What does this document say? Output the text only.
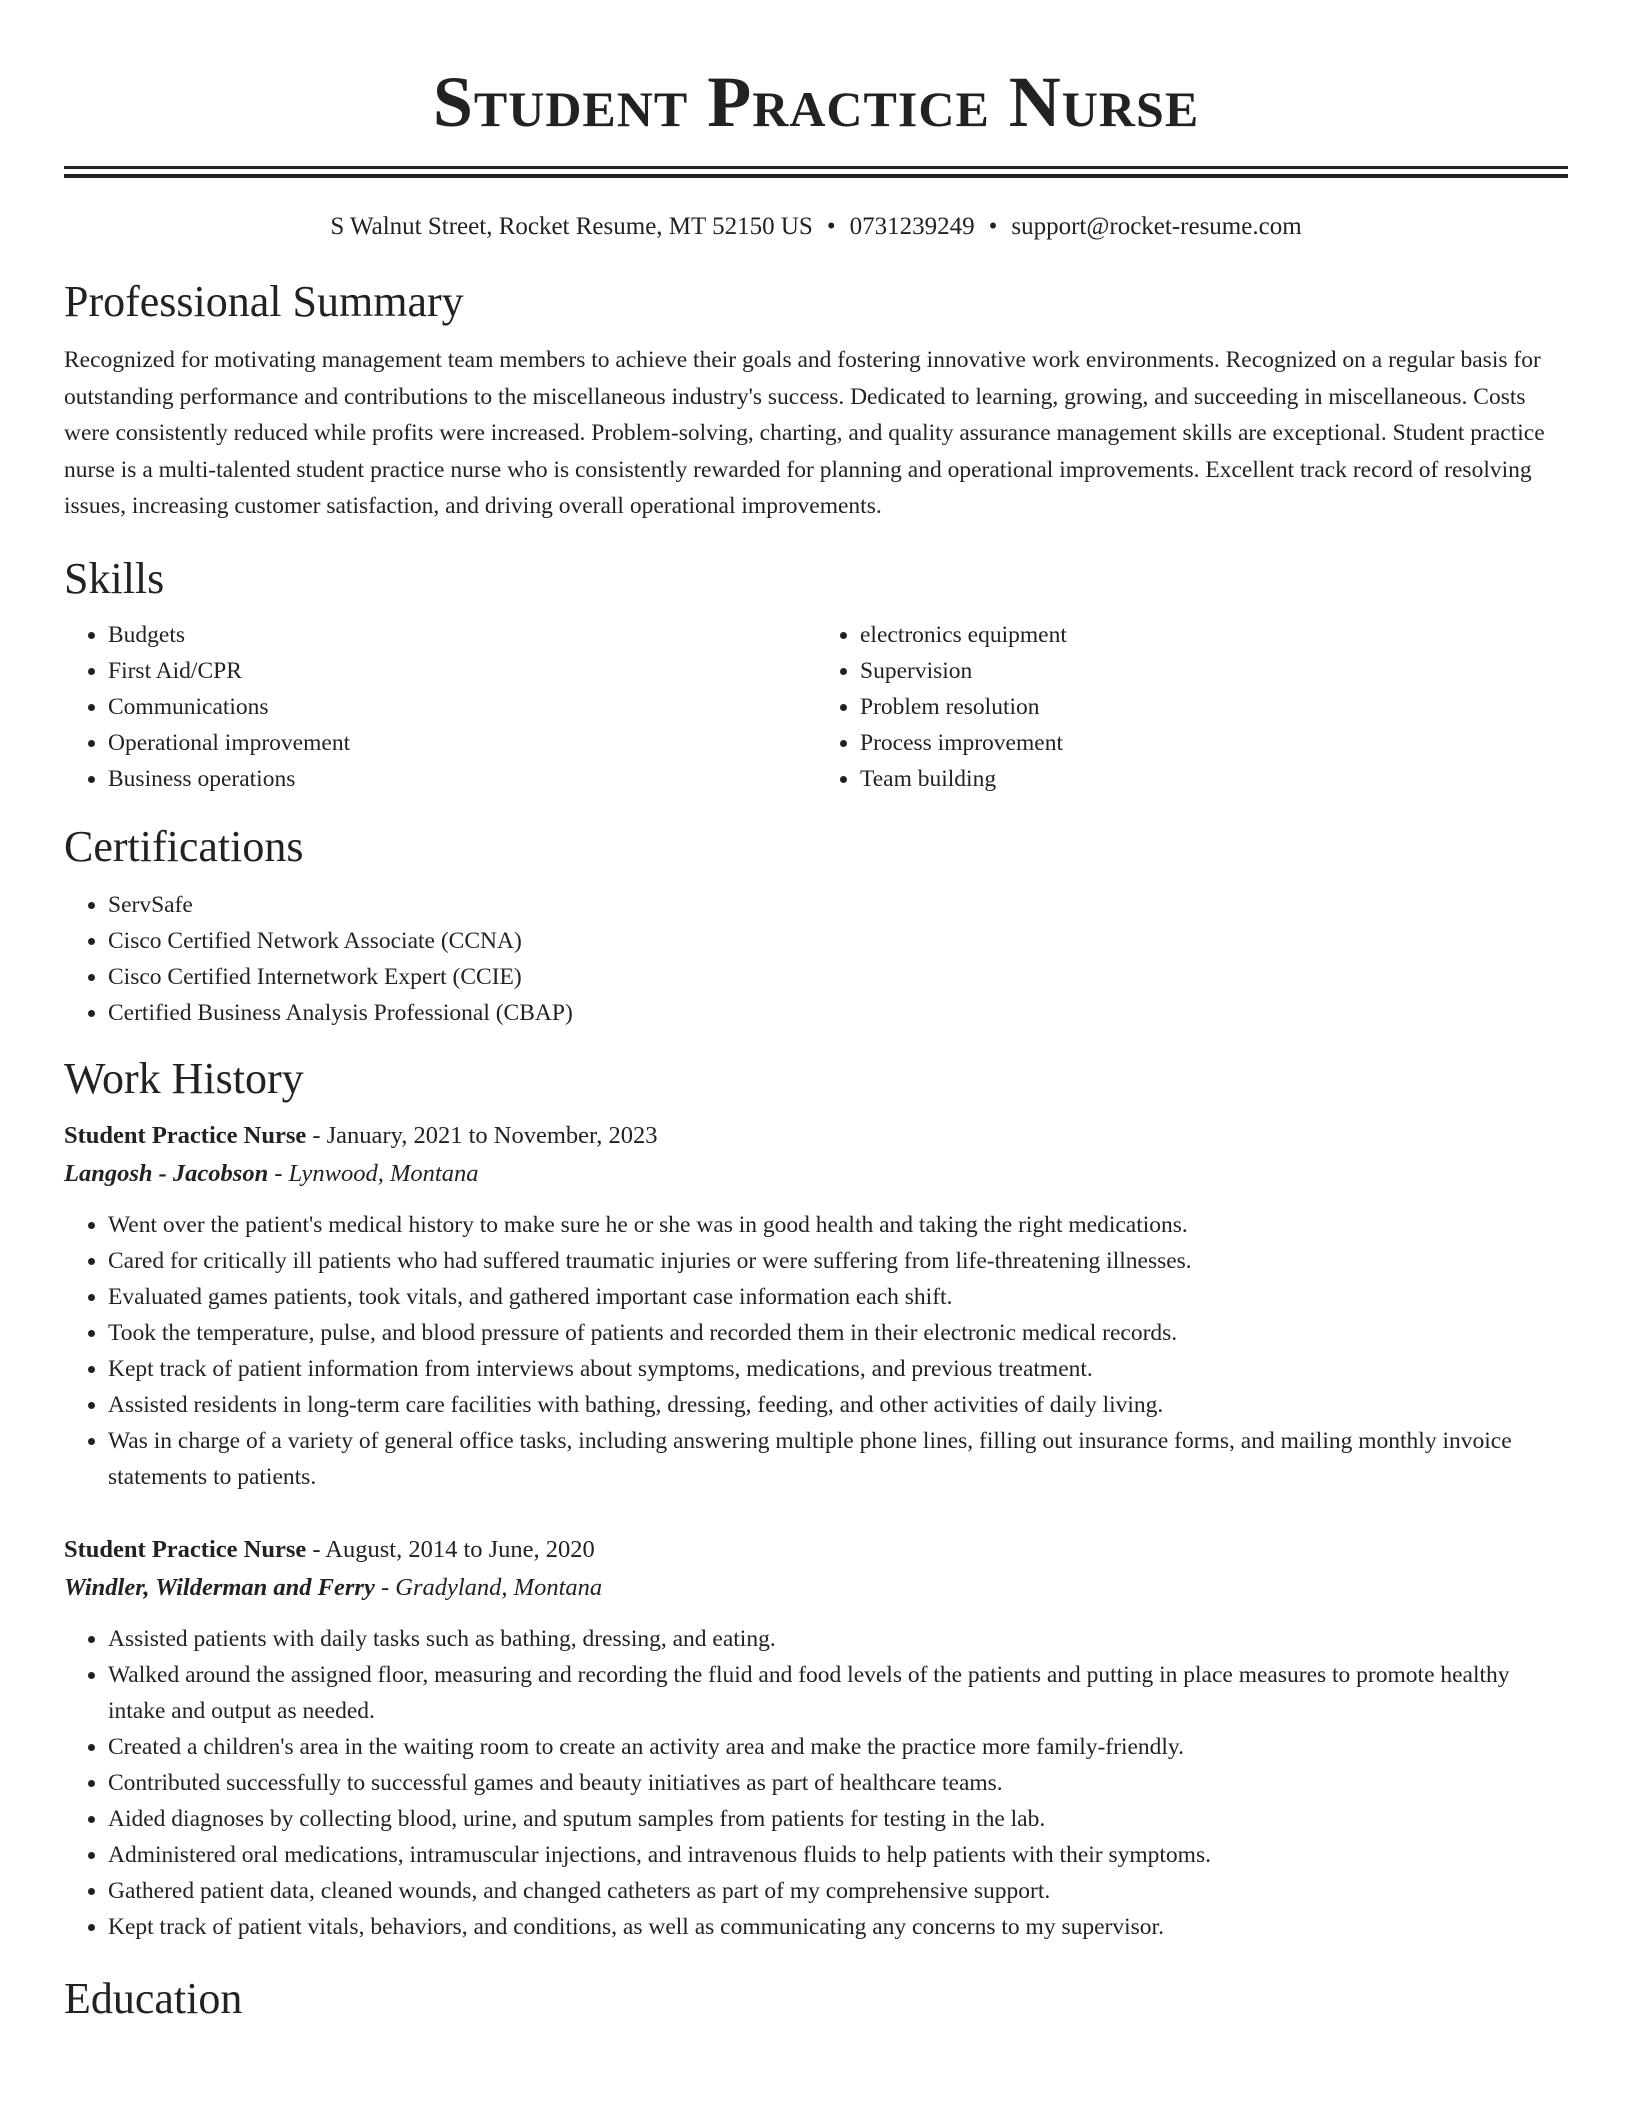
Student Practice Nurse
S Walnut Street, Rocket Resume, MT 52150 US • 0731239249 • support@rocket-resume.com
Professional Summary
Recognized for motivating management team members to achieve their goals and fostering innovative work environments. Recognized on a regular basis for outstanding performance and contributions to the miscellaneous industry's success. Dedicated to learning, growing, and succeeding in miscellaneous. Costs were consistently reduced while profits were increased. Problem-solving, charting, and quality assurance management skills are exceptional. Student practice nurse is a multi-talented student practice nurse who is consistently rewarded for planning and operational improvements. Excellent track record of resolving issues, increasing customer satisfaction, and driving overall operational improvements.
Skills
• Budgets
• First Aid/CPR
• Communications
• Operational improvement
• Business operations
• electronics equipment
• Supervision
• Problem resolution
• Process improvement
• Team building
Certifications
• ServSafe
• Cisco Certified Network Associate (CCNA)
• Cisco Certified Internetwork Expert (CCIE)
• Certified Business Analysis Professional (CBAP)
Work History
Student Practice Nurse - January, 2021 to November, 2023
Langosh - Jacobson - Lynwood, Montana
• Went over the patient's medical history to make sure he or she was in good health and taking the right medications.
• Cared for critically ill patients who had suffered traumatic injuries or were suffering from life-threatening illnesses.
• Evaluated games patients, took vitals, and gathered important case information each shift.
• Took the temperature, pulse, and blood pressure of patients and recorded them in their electronic medical records.
• Kept track of patient information from interviews about symptoms, medications, and previous treatment.
• Assisted residents in long-term care facilities with bathing, dressing, feeding, and other activities of daily living.
• Was in charge of a variety of general office tasks, including answering multiple phone lines, filling out insurance forms, and mailing monthly invoice statements to patients.
Student Practice Nurse - August, 2014 to June, 2020
Windler, Wilderman and Ferry - Gradyland, Montana
• Assisted patients with daily tasks such as bathing, dressing, and eating.
• Walked around the assigned floor, measuring and recording the fluid and food levels of the patients and putting in place measures to promote healthy intake and output as needed.
• Created a children's area in the waiting room to create an activity area and make the practice more family-friendly.
• Contributed successfully to successful games and beauty initiatives as part of healthcare teams.
• Aided diagnoses by collecting blood, urine, and sputum samples from patients for testing in the lab.
• Administered oral medications, intramuscular injections, and intravenous fluids to help patients with their symptoms.
• Gathered patient data, cleaned wounds, and changed catheters as part of my comprehensive support.
• Kept track of patient vitals, behaviors, and conditions, as well as communicating any concerns to my supervisor.
Education
